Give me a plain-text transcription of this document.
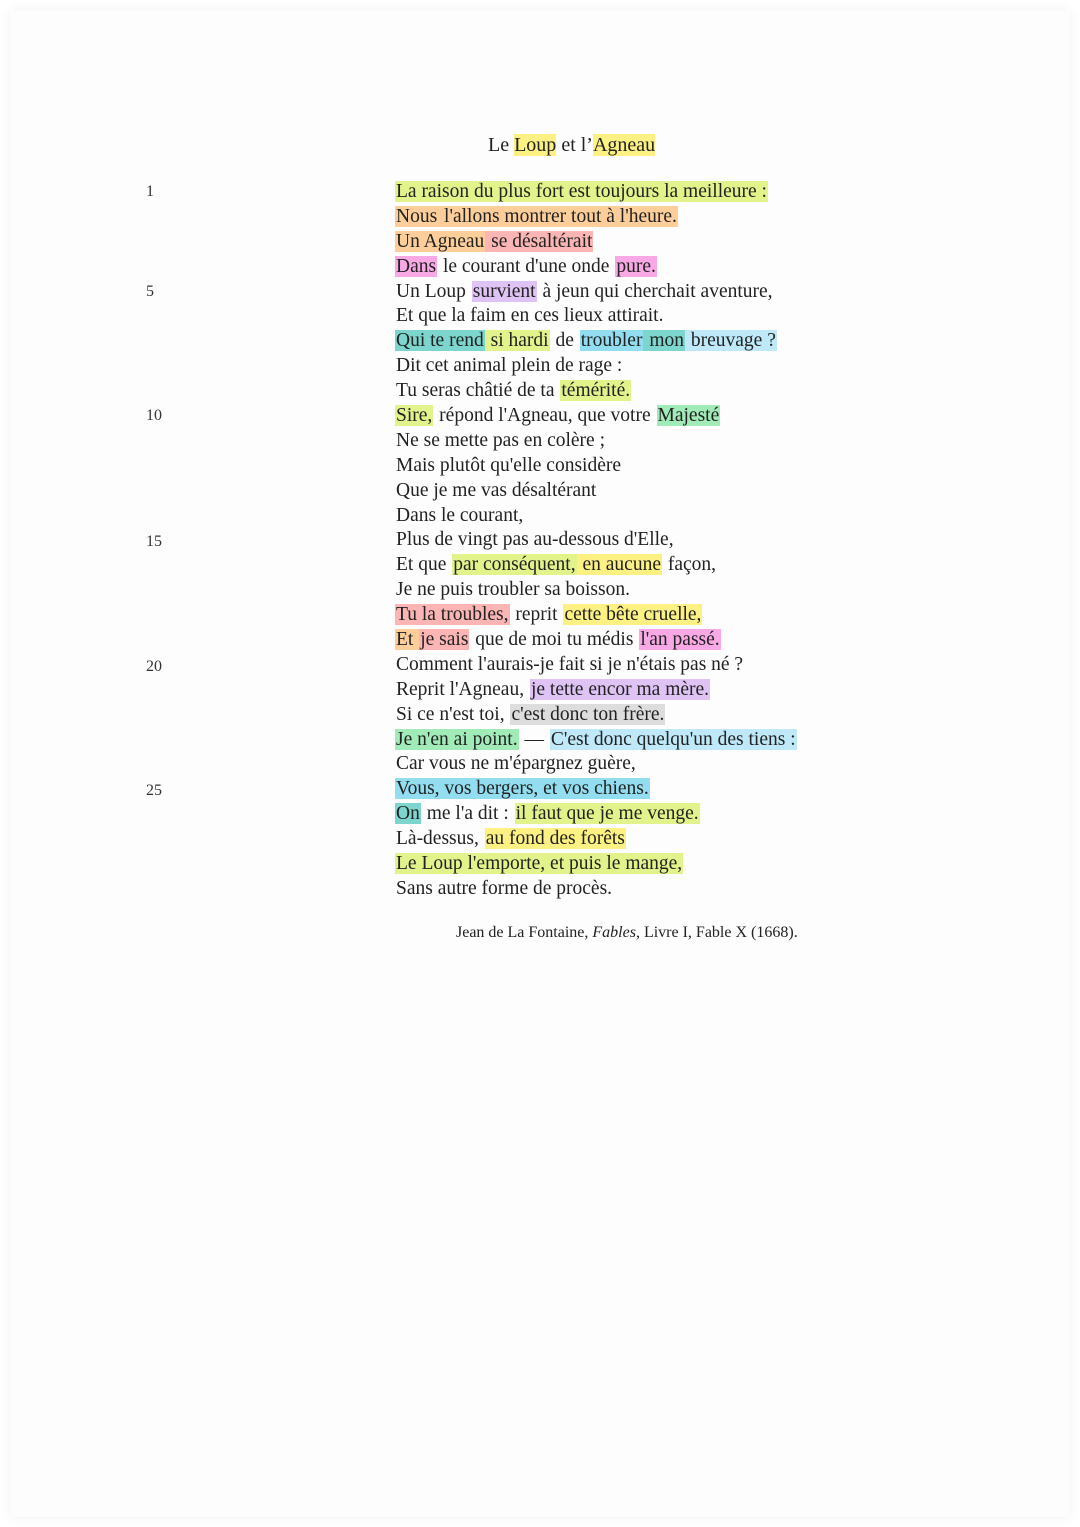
Le Loup et l’Agneau
1
5
10
15
20
25
La raison du plus fort est toujours la meilleure :
Nous l'allons montrer tout à l'heure.
Un Agneau se désaltérait
Dans le courant d'une onde pure.
Un Loup survient à jeun qui cherchait aventure,
Et que la faim en ces lieux attirait.
Qui te rend si hardi de troubler mon breuvage ?
Dit cet animal plein de rage :
Tu seras châtié de ta témérité.
Sire, répond l'Agneau, que votre Majesté
Ne se mette pas en colère ;
Mais plutôt qu'elle considère
Que je me vas désaltérant
Dans le courant,
Plus de vingt pas au-dessous d'Elle,
Et que par conséquent, en aucune façon,
Je ne puis troubler sa boisson.
Tu la troubles, reprit cette bête cruelle,
Et je sais que de moi tu médis l'an passé.
Comment l'aurais-je fait si je n'étais pas né ?
Reprit l'Agneau, je tette encor ma mère.
Si ce n'est toi, c'est donc ton frère.
Je n'en ai point. — C'est donc quelqu'un des tiens :
Car vous ne m'épargnez guère,
Vous, vos bergers, et vos chiens.
On me l'a dit : il faut que je me venge.
Là-dessus, au fond des forêts
Le Loup l'emporte, et puis le mange,
Sans autre forme de procès.
Jean de La Fontaine, Fables, Livre I, Fable X (1668).
